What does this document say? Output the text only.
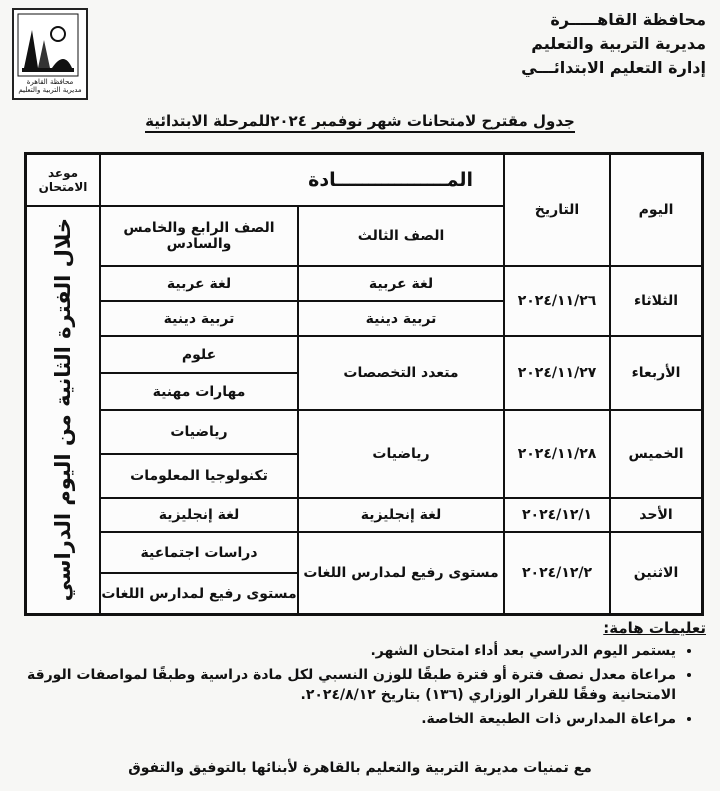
محافظة القاهـــــرة
مديرية التربية والتعليم
إدارة التعليم الابتدائـــي
محافظة القاهرة
مديرية التربية والتعليم
جدول مقترح لامتحانات شهر نوفمبر ٢٠٢٤للمرحلة الابتدائية
اليوم
التاريخ
المـــــــــــــــــادة
الصف الثالث
الصف الرابع والخامس والسادس
موعد الامتحان
خلال الفترة الثانية من اليوم الدراسي	الثلاثاء
٢٠٢٤/١١/٢٦
لغة عربية
تربية دينية
لغة عربية
تربية دينية
الأربعاء
٢٠٢٤/١١/٢٧
متعدد التخصصات
علوم
مهارات مهنية
الخميس
٢٠٢٤/١١/٢٨
رياضيات
رياضيات
تكنولوجيا المعلومات
الأحد
٢٠٢٤/١٢/١
لغة إنجليزية
لغة إنجليزية
الاثنين
٢٠٢٤/١٢/٢
مستوى رفيع لمدارس اللغات
دراسات اجتماعية
مستوى رفيع لمدارس اللغات
تعليمات هامة:
• يستمر اليوم الدراسي بعد أداء امتحان الشهر.
• مراعاة معدل نصف فترة أو فترة طبقًا للوزن النسبي لكل مادة دراسية وطبقًا لمواصفات الورقة الامتحانية وفقًا للقرار الوزاري (١٣٦) بتاريخ ٢٠٢٤/٨/١٢.
• مراعاة المدارس ذات الطبيعة الخاصة.
مع تمنيات مديرية التربية والتعليم بالقاهرة لأبنائها بالتوفيق والتفوق
